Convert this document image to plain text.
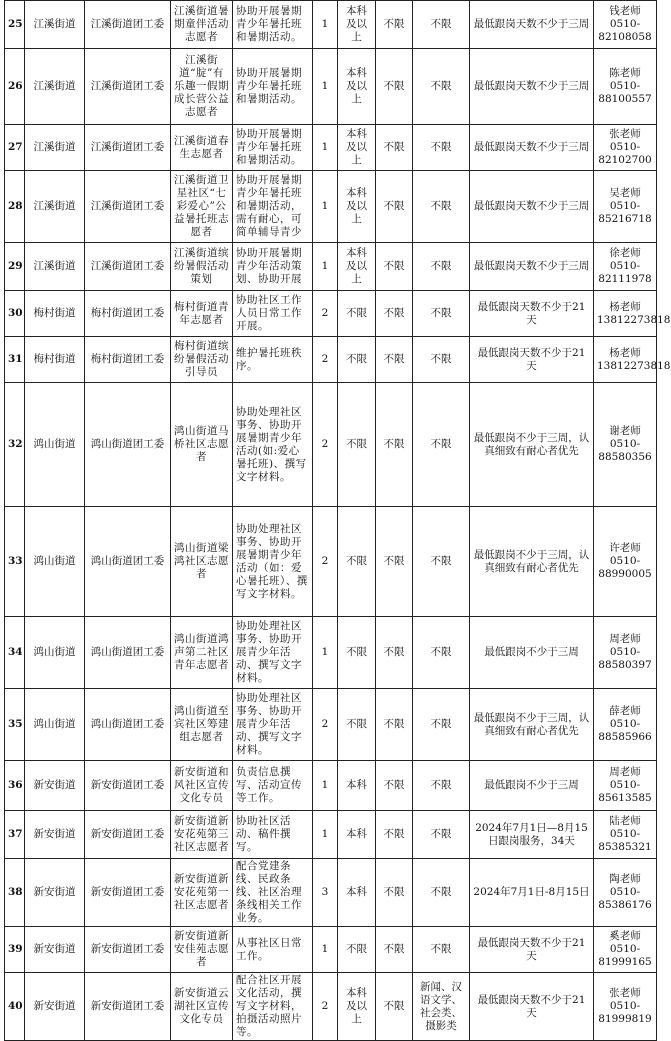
25	江溪街道	江溪街道团工委	江溪街道暑期童伴活动志愿者	协助开展暑期青少年暑托班和暑期活动。	1	本科及以上	不限	不限	最低跟岗天数不少于三周	钱老师
0510-82108058

26	江溪街道	江溪街道团工委	江溪街道“腚”有乐趣一假期成长营公益志愿者	协助开展暑期青少年暑托班和暑期活动。	1	本科及以上	不限	不限	最低跟岗天数不少于三周	陈老师
0510-88100557

27	江溪街道	江溪街道团工委	江溪街道春生志愿者	协助开展暑期青少年暑托班和暑期活动。	1	本科及以上	不限	不限	最低跟岗天数不少于三周	张老师
0510-82102700

28	江溪街道	江溪街道团工委	江溪街道卫星社区“七彩爱心”公益暑托班志愿者	协助开展暑期青少年暑托班和暑期活动，需有耐心，可简单辅导青少	1	本科及以上	不限	不限	最低跟岗天数不少于三周	吴老师
0510-85216718

29	江溪街道	江溪街道团工委	江溪街道缤纷暑假活动策划	协助开展暑期青少年活动策划、协助开展	1	本科及以上	不限	不限	最低跟岗天数不少于三周	徐老师
0510-82111978

30	梅村街道	梅村街道团工委	梅村街道青年志愿者	协助社区工作人员日常工作开展。	2	不限	不限	不限	最低跟岗天数不少于21天	杨老师
13812273818

31	梅村街道	梅村街道团工委	梅村街道缤纷暑假活动引导员	维护暑托班秩序。	2	不限	不限	不限	最低跟岗天数不少于21天	杨老师
13812273818

32	鸿山街道	鸿山街道团工委	鸿山街道马桥社区志愿者	协助处理社区事务、协助开展暑期青少年活动(如:爱心暑托班)、撰写文字材料。	2	不限	不限	不限	最低跟岗不少于三周，认真细致有耐心者优先	谢老师
0510-88580356

33	鸿山街道	鸿山街道团工委	鸿山街道梁鸿社区志愿者	协助处理社区事务、协助开展暑期青少年活动（如：爱心暑托班）、撰写文字材料。	2	不限	不限	不限	最低跟岗不少于三周，认真细致有耐心者优先	许老师
0510-88990005

34	鸿山街道	鸿山街道团工委	鸿山街道鸿声第二社区青年志愿者	协助处理社区事务、协助开展青少年活动、撰写文字材料。	1	不限	不限	不限	最低跟岗不少于三周	周老师
0510-88580397

35	鸿山街道	鸿山街道团工委	鸿山街道至宾社区筹建组志愿者	协助处理社区事务、协助开展青少年活动、撰写文字材料。	2	不限	不限	不限	最低跟岗不少于三周，认真细致有耐心者优先	薛老师
0510-88585966

36	新安街道	新安街道团工委	新安街道和风社区宣传文化专员	负责信息撰写、活动宣传等工作。	1	本科	不限	不限	最低跟岗不少于三周	周老师
0510-85613585

37	新安街道	新安街道团工委	新安街道新安花苑第三社区志愿者	协助社区活动、稿件撰写。	1	本科	不限	不限	2024年7月1日—8月15日跟岗服务，34天	陆老师
0510-85385321

38	新安街道	新安街道团工委	新安街道新安花苑第一社区志愿者	配合党建条线、民政条线、社区治理条线相关工作业务。	3	本科	不限	不限	2024年7月1日-8月15日	陶老师
0510-85386176

39	新安街道	新安街道团工委	新安街道新安佳苑志愿者	从事社区日常工作。	1	不限	不限	不限	最低跟岗天数不少于21天	奚老师
0510-81999165

40	新安街道	新安街道团工委	新安街道云湖社区宣传文化专员	配合社区开展文化活动，撰写文字材料，拍摄活动照片等。	2	本科及以上	不限	新闻、汉语文学、社会类、摄影类	最低跟岗天数不少于21天	张老师
0510-81999819
